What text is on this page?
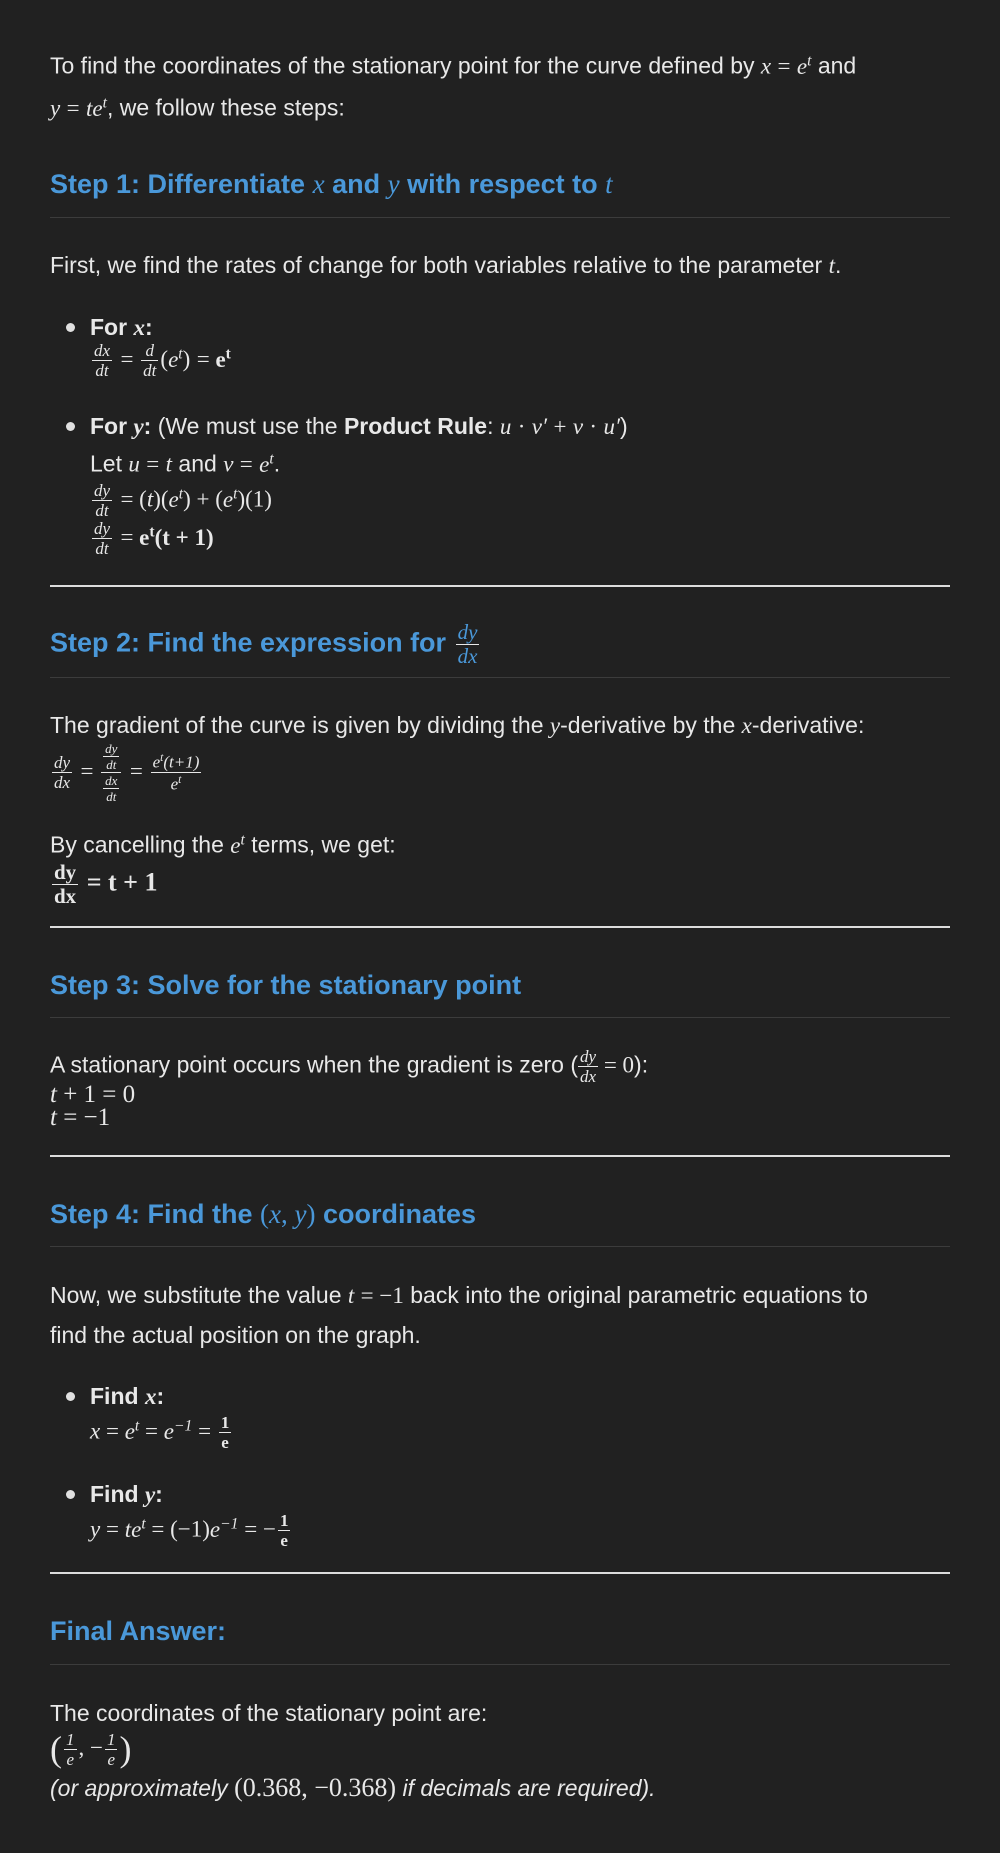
To find the coordinates of the stationary point for the curve defined by $x = e^t$ and
$y = te^t$, we follow these steps:
Step 1: Differentiate x and y with respect to t
First, we find the rates of change for both variables relative to the parameter t.
For x:
$\frac{dx}{dt} = \frac{d}{dt} (e^t) = e^t$
For y: (We must use the Product Rule: u · v′ + v · u′)
Let u = t and $v = e^t$.
$\frac{dy}{dt} = (t)(e^t) + (e^t)(1)$
$\frac{dy}{dt} = e^t(t + 1)$
Step 2: Find the expression for $\frac{dy}{dx}$
The gradient of the curve is given by dividing the y-derivative by the x-derivative:
$\frac{dy}{dx} = \frac{\frac{dy}{dt}}{\frac{dx}{dt}} = \frac{e^t(t+1)}{e^t}$
By cancelling the $e^t$ terms, we get:
$\frac{dy}{dx} = t + 1$
Step 3: Solve for the stationary point
A stationary point occurs when the gradient is zero ( $\frac{dy}{dx} = 0$):
t + 1 = 0
t = −1
Step 4: Find the (x, y) coordinates
Now, we substitute the value t = −1 back into the original parametric equations to
find the actual position on the graph.
Find x:
$x = e^t = e^{-1} = \frac{1}{e}$
Find y:
$y = te^t = (-1)e^{-1}$ = − $\frac{1}{e}$
Final Answer:
The coordinates of the stationary point are:
( $\frac{1}{e}$ , − $\frac{1}{e}$ )
(or approximately (0.368, −0.368) if decimals are required).
